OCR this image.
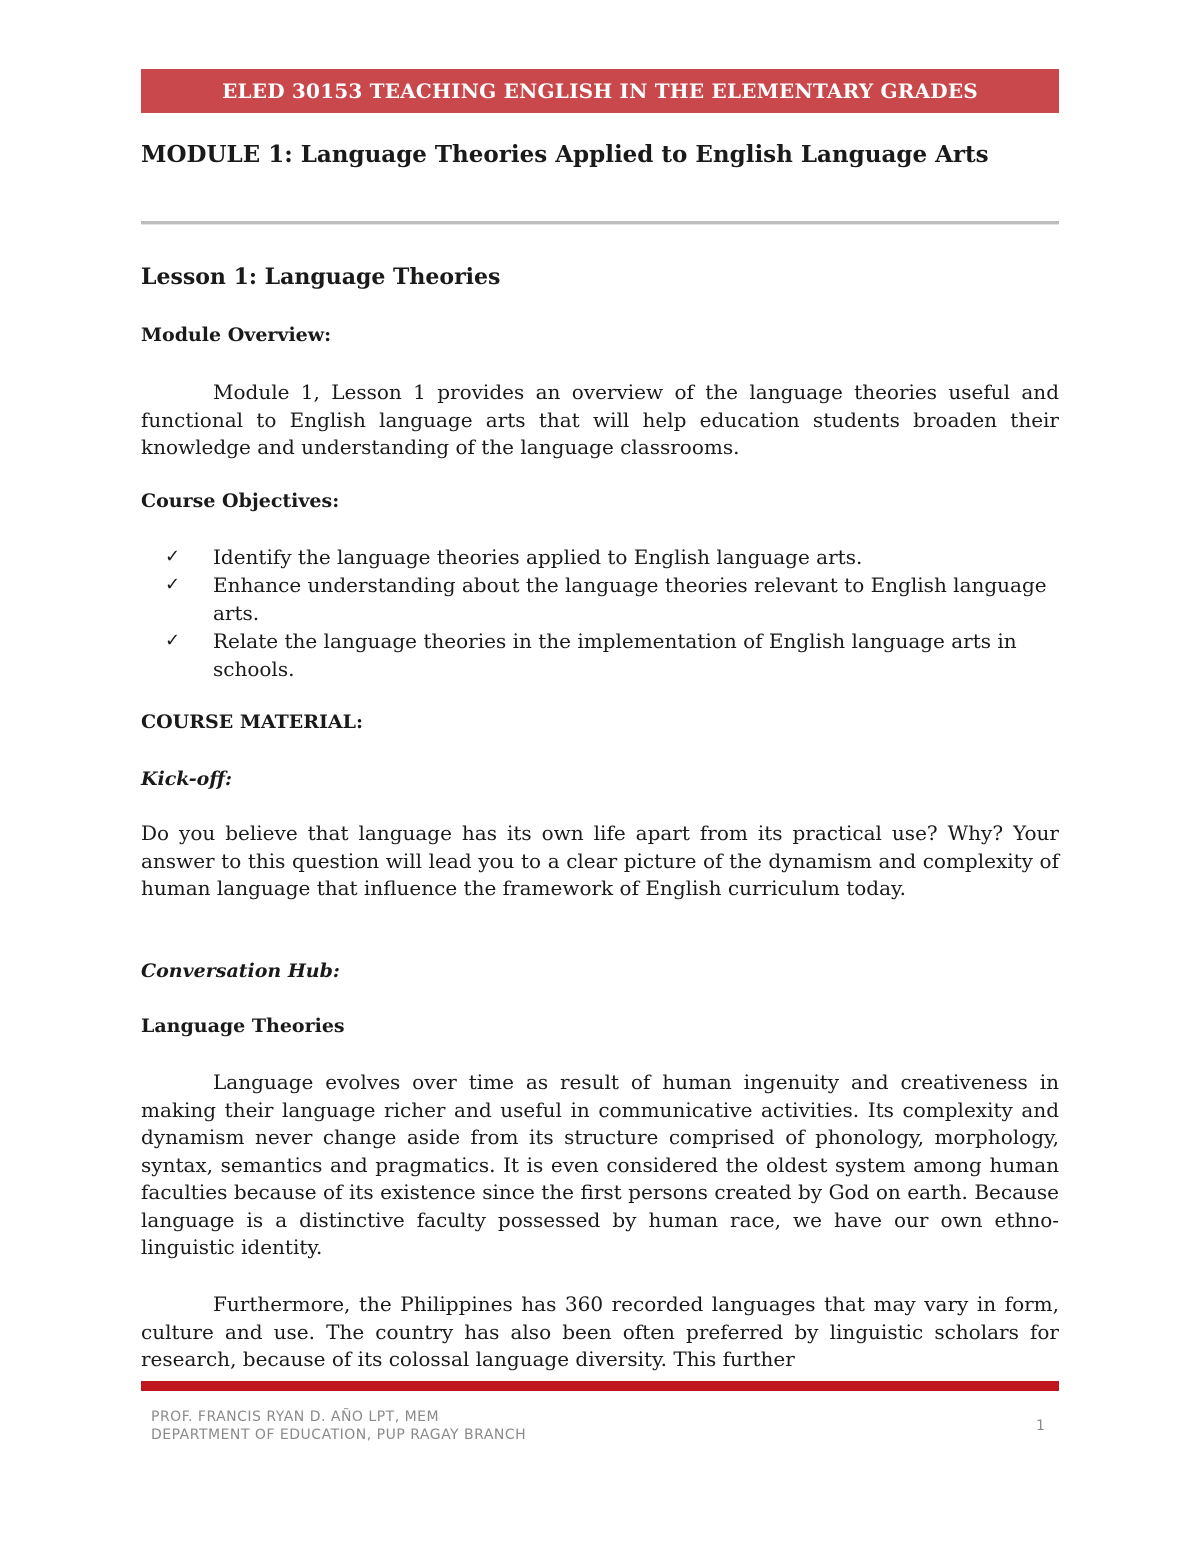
ELED 30153 TEACHING ENGLISH IN THE ELEMENTARY GRADES
MODULE 1: Language Theories Applied to English Language Arts
Lesson 1: Language Theories
Module Overview:
Module 1, Lesson 1 provides an overview of the language theories useful and functional to English language arts that will help education students broaden their knowledge and understanding of the language classrooms.
Course Objectives:
✓ Identify the language theories applied to English language arts.
✓ Enhance understanding about the language theories relevant to English language arts.
✓ Relate the language theories in the implementation of English language arts in schools.
COURSE MATERIAL:
Kick-off:
Do you believe that language has its own life apart from its practical use? Why? Your answer to this question will lead you to a clear picture of the dynamism and complexity of human language that influence the framework of English curriculum today.
Conversation Hub:
Language Theories
Language evolves over time as result of human ingenuity and creativeness in making their language richer and useful in communicative activities. Its complexity and dynamism never change aside from its structure comprised of phonology, morphology, syntax, semantics and pragmatics. It is even considered the oldest system among human faculties because of its existence since the first persons created by God on earth. Because language is a distinctive faculty possessed by human race, we have our own ethno-linguistic identity.
Furthermore, the Philippines has 360 recorded languages that may vary in form, culture and use. The country has also been often preferred by linguistic scholars for research, because of its colossal language diversity. This further
PROF. FRANCIS RYAN D. AÑO LPT, MEM
DEPARTMENT OF EDUCATION, PUP RAGAY BRANCH
1
